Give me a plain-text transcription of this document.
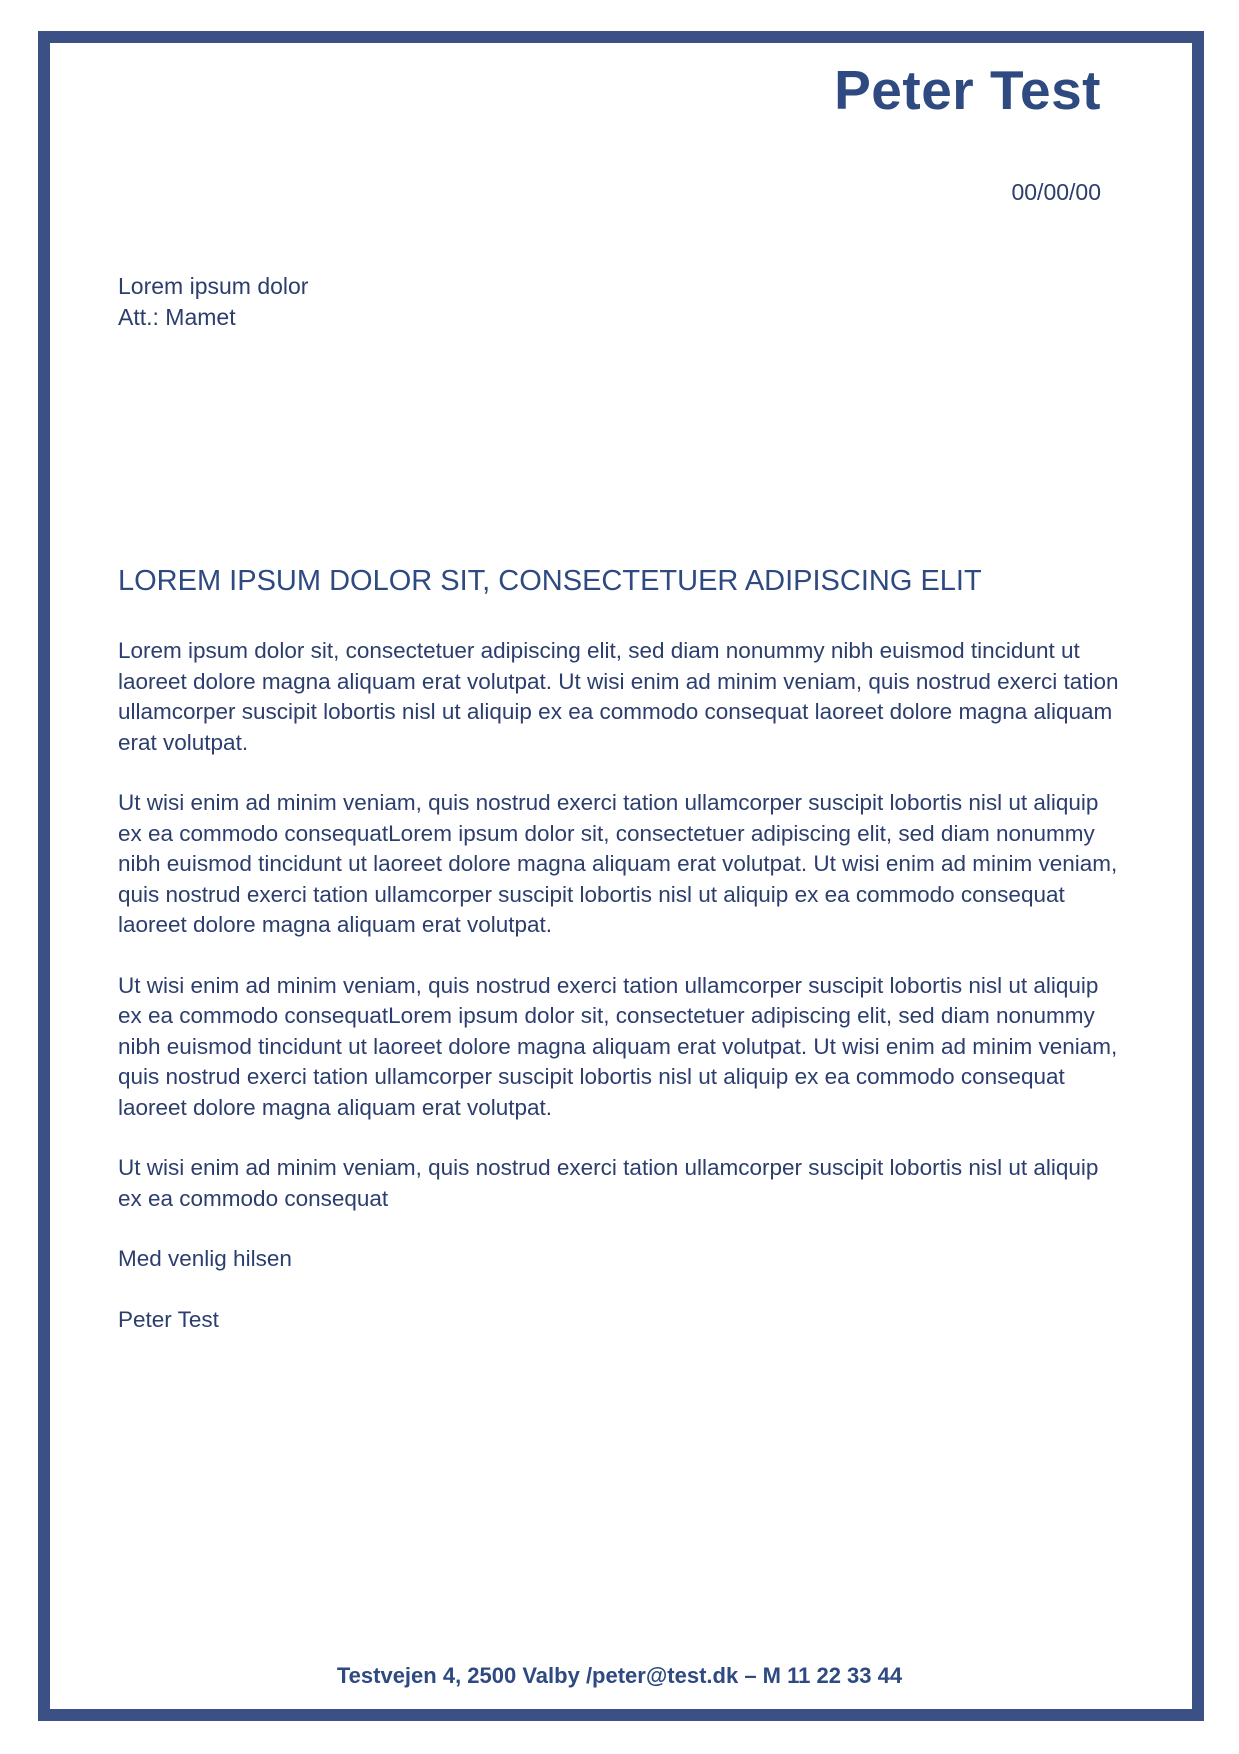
Peter Test
00/00/00
Lorem ipsum dolor
Att.: Mamet
LOREM IPSUM DOLOR SIT, CONSECTETUER ADIPISCING ELIT

Lorem ipsum dolor sit, consectetuer adipiscing elit, sed diam nonummy nibh euismod tincidunt ut laoreet dolore magna aliquam erat volutpat. Ut wisi enim ad minim veniam, quis nostrud exerci tation ullamcorper suscipit lobortis nisl ut aliquip ex ea commodo consequat laoreet dolore magna aliquam erat volutpat.

Ut wisi enim ad minim veniam, quis nostrud exerci tation ullamcorper suscipit lobortis nisl ut aliquip ex ea commodo consequatLorem ipsum dolor sit, consectetuer adipiscing elit, sed diam nonummy nibh euismod tincidunt ut laoreet dolore magna aliquam erat volutpat. Ut wisi enim ad minim veniam, quis nostrud exerci tation ullamcorper suscipit lobortis nisl ut aliquip ex ea commodo consequat laoreet dolore magna aliquam erat volutpat.

Ut wisi enim ad minim veniam, quis nostrud exerci tation ullamcorper suscipit lobortis nisl ut aliquip ex ea commodo consequatLorem ipsum dolor sit, consectetuer adipiscing elit, sed diam nonummy nibh euismod tincidunt ut laoreet dolore magna aliquam erat volutpat. Ut wisi enim ad minim veniam, quis nostrud exerci tation ullamcorper suscipit lobortis nisl ut aliquip ex ea commodo consequat laoreet dolore magna aliquam erat volutpat.

Ut wisi enim ad minim veniam, quis nostrud exerci tation ullamcorper suscipit lobortis nisl ut aliquip ex ea commodo consequat

Med venlig hilsen

Peter Test

Testvejen 4, 2500 Valby /peter@test.dk – M 11 22 33 44
